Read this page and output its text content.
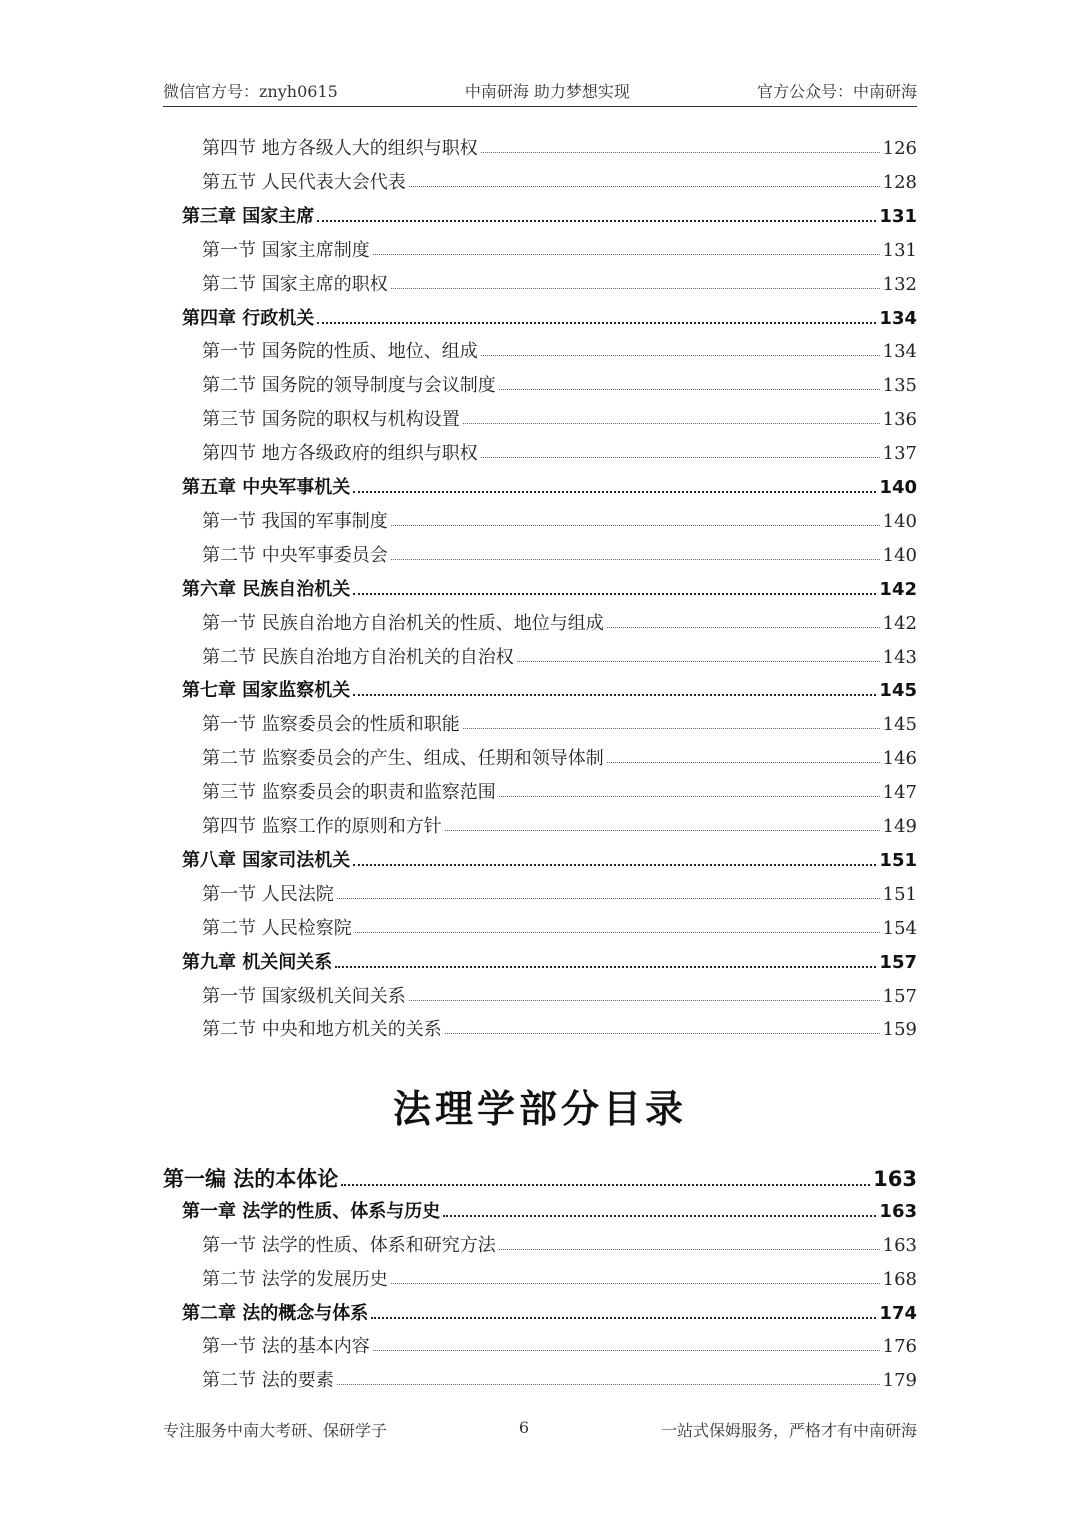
微信官方号：znyh0615	中南研海 助力梦想实现	官方公众号：中南研海
第四节 地方各级人大的组织与职权	126
第五节 人民代表大会代表	128
第三章 国家主席	131
第一节 国家主席制度	131
第二节 国家主席的职权	132
第四章 行政机关	134
第一节 国务院的性质、地位、组成	134
第二节 国务院的领导制度与会议制度	135
第三节 国务院的职权与机构设置	136
第四节 地方各级政府的组织与职权	137
第五章 中央军事机关	140
第一节 我国的军事制度	140
第二节 中央军事委员会	140
第六章 民族自治机关	142
第一节 民族自治地方自治机关的性质、地位与组成	142
第二节 民族自治地方自治机关的自治权	143
第七章 国家监察机关	145
第一节 监察委员会的性质和职能	145
第二节 监察委员会的产生、组成、任期和领导体制	146
第三节 监察委员会的职责和监察范围	147
第四节 监察工作的原则和方针	149
第八章 国家司法机关	151
第一节 人民法院	151
第二节 人民检察院	154
第九章 机关间关系	157
第一节 国家级机关间关系	157
第二节 中央和地方机关的关系	159
法理学部分目录
第一编 法的本体论	163
第一章 法学的性质、体系与历史	163
第一节 法学的性质、体系和研究方法	163
第二节 法学的发展历史	168
第二章 法的概念与体系	174
第一节 法的基本内容	176
第二节 法的要素	179
专注服务中南大考研、保研学子	6	一站式保姆服务，严格才有中南研海
